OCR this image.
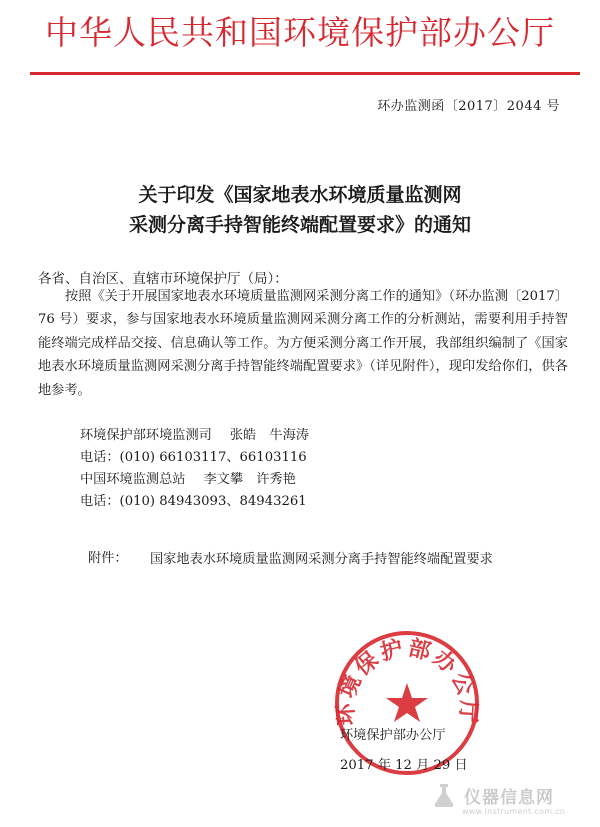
中华人民共和国环境保护部办公厅
环办监测函〔2017〕2044 号
关于印发《国家地表水环境质量监测网
采测分离手持智能终端配置要求》的通知
各省、自治区、直辖市环境保护厅（局）：
按照《关于开展国家地表水环境质量监测网采测分离工作的通知》（环办监测〔2017〕76 号）要求，参与国家地表水环境质量监测网采测分离工作的分析测站，需要利用手持智能终端完成样品交接、信息确认等工作。为方便采测分离工作开展，我部组织编制了《国家地表水环境质量监测网采测分离手持智能终端配置要求》（详见附件），现印发给你们，供各地参考。
环境保护部环境监测司 张皓　牛海涛
电话：(010) 66103117、66103116
中国环境监测总站 李文攀　许秀艳
电话：(010) 84943093、84943261
附件： 国家地表水环境质量监测网采测分离手持智能终端配置要求
环境保护部办公厅
环境保护部办公厅
2017 年 12 月 29 日
仪器信息网
www.instrument.com.cn
